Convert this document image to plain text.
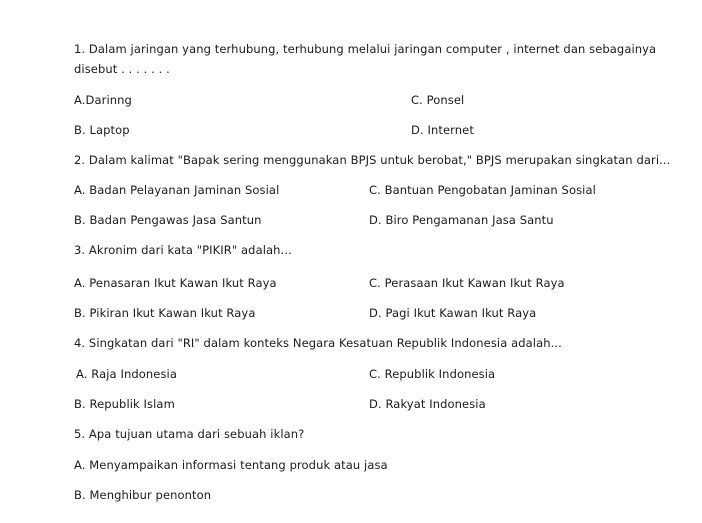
1. Dalam jaringan yang terhubung, terhubung melalui jaringan computer , internet dan sebagainya
disebut . . . . . . .
A.Darinng	C. Ponsel
B. Laptop	D. Internet
2. Dalam kalimat "Bapak sering menggunakan BPJS untuk berobat," BPJS merupakan singkatan dari...
A. Badan Pelayanan Jaminan Sosial	C. Bantuan Pengobatan Jaminan Sosial
B. Badan Pengawas Jasa Santun	D. Biro Pengamanan Jasa Santu
3. Akronim dari kata "PIKIR" adalah...
A. Penasaran Ikut Kawan Ikut Raya	C. Perasaan Ikut Kawan Ikut Raya
B. Pikiran Ikut Kawan Ikut Raya	D. Pagi Ikut Kawan Ikut Raya
4. Singkatan dari "RI" dalam konteks Negara Kesatuan Republik Indonesia adalah...
A. Raja Indonesia	C. Republik Indonesia
B. Republik Islam	D. Rakyat Indonesia
5. Apa tujuan utama dari sebuah iklan?
A. Menyampaikan informasi tentang produk atau jasa
B. Menghibur penonton
